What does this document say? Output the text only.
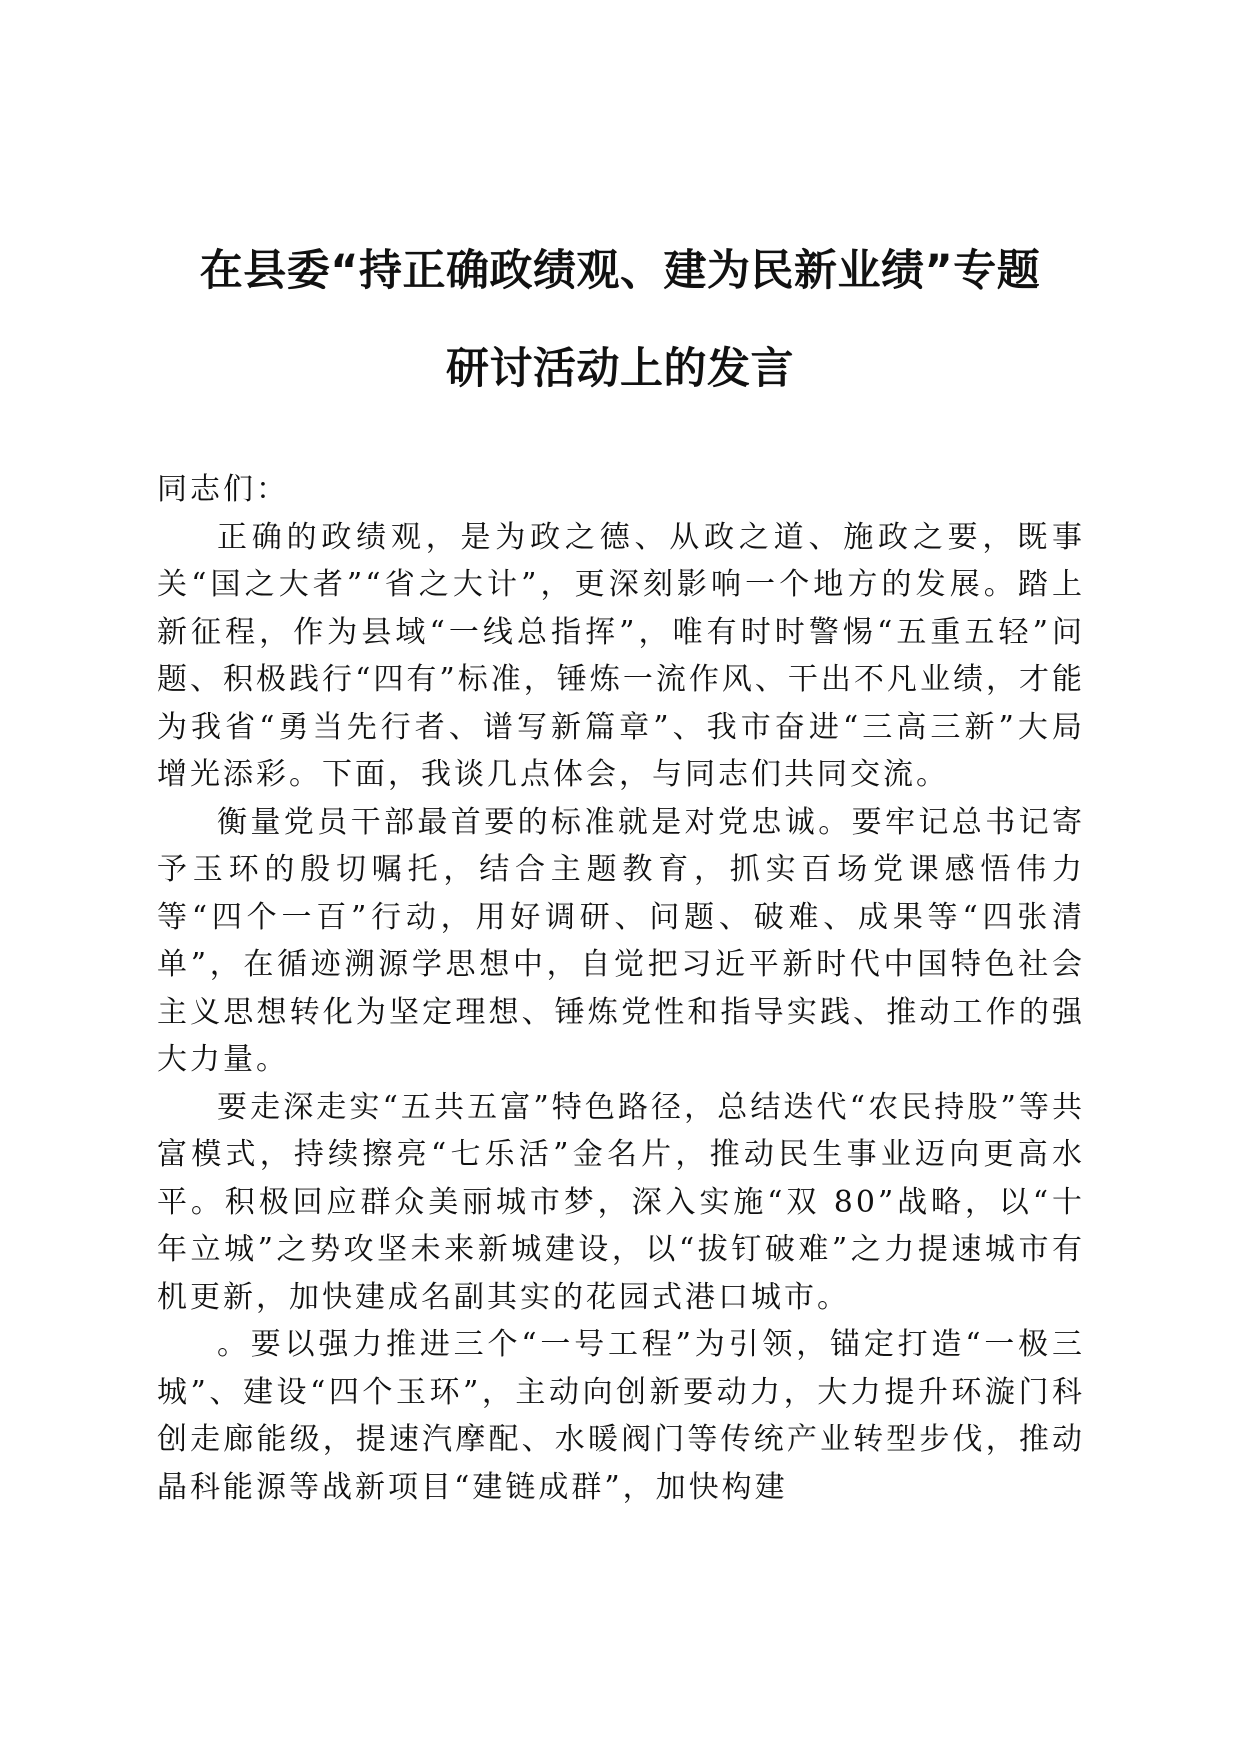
在县委“持正确政绩观、建为民新业绩”专题
研讨活动上的发言

同志们：

正确的政绩观，是为政之德、从政之道、施政之要，既事关“国之大者”“省之大计”，更深刻影响一个地方的发展。踏上新征程，作为县域“一线总指挥”，唯有时时警惕“五重五轻”问题、积极践行“四有”标准，锤炼一流作风、干出不凡业绩，才能为我省“勇当先行者、谱写新篇章”、我市奋进“三高三新”大局增光添彩。下面，我谈几点体会，与同志们共同交流。

衡量党员干部最首要的标准就是对党忠诚。要牢记总书记寄予玉环的殷切嘱托，结合主题教育，抓实百场党课感悟伟力等“四个一百”行动，用好调研、问题、破难、成果等“四张清单”，在循迹溯源学思想中，自觉把习近平新时代中国特色社会主义思想转化为坚定理想、锤炼党性和指导实践、推动工作的强大力量。

要走深走实“五共五富”特色路径，总结迭代“农民持股”等共富模式，持续擦亮“七乐活”金名片，推动民生事业迈向更高水平。积极回应群众美丽城市梦，深入实施“双 80”战略，以“十年立城”之势攻坚未来新城建设，以“拔钉破难”之力提速城市有机更新，加快建成名副其实的花园式港口城市。

。要以强力推进三个“一号工程”为引领，锚定打造“一极三城”、建设“四个玉环”，主动向创新要动力，大力提升环漩门科创走廊能级，提速汽摩配、水暖阀门等传统产业转型步伐，推动晶科能源等战新项目“建链成群”，加快构建
